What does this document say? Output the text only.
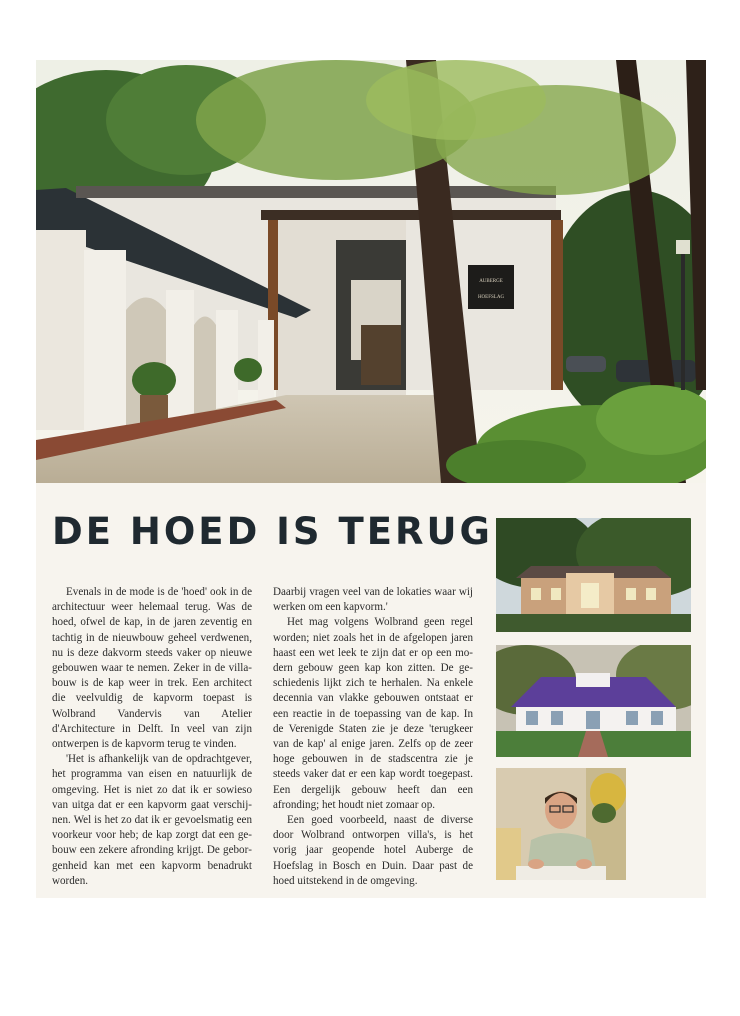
AUBERGE
HOEFSLAG
DE HOED IS TERUG

Evenals in de mode is de 'hoed' ook in de architectuur weer helemaal terug. Was de hoed, ofwel de kap, in de jaren zeventig en tachtig in de nieuwbouw geheel verdwenen, nu is deze dakvorm steeds vaker op nieuwe gebouwen waar te nemen. Zeker in de villabouw is de kap weer in trek. Een architect die veelvuldig de kapvorm toepast is Wolbrand Vandervis van Atelier d'Architecture in Delft. In veel van zijn ontwerpen is de kapvorm terug te vinden.

'Het is afhankelijk van de opdrachtgever, het programma van eisen en natuurlijk de omgeving. Het is niet zo dat ik er sowieso van uitga dat er een kapvorm gaat verschijnen. Wel is het zo dat ik er gevoelsmatig een voorkeur voor heb; de kap zorgt dat een gebouw een zekere afronding krijgt. De geborgenheid kan met een kapvorm benadrukt worden.

Daarbij vragen veel van de lokaties waar wij werken om een kapvorm.'

Het mag volgens Wolbrand geen regel worden; niet zoals het in de afgelopen jaren haast een wet leek te zijn dat er op een modern gebouw geen kap kon zitten. De geschiedenis lijkt zich te herhalen. Na enkele decennia van vlakke gebouwen ontstaat er een reactie in de toepassing van de kap. In de Verenigde Staten zie je deze 'terugkeer van de kap' al enige jaren. Zelfs op de zeer hoge gebouwen in de stadscentra zie je steeds vaker dat er een kap wordt toegepast. Een dergelijk gebouw heeft dan een afronding; het houdt niet zomaar op.

Een goed voorbeeld, naast de diverse door Wolbrand ontworpen villa's, is het vorig jaar geopende hotel Auberge de Hoefslag in Bosch en Duin. Daar past de hoed uitstekend in de omgeving.
